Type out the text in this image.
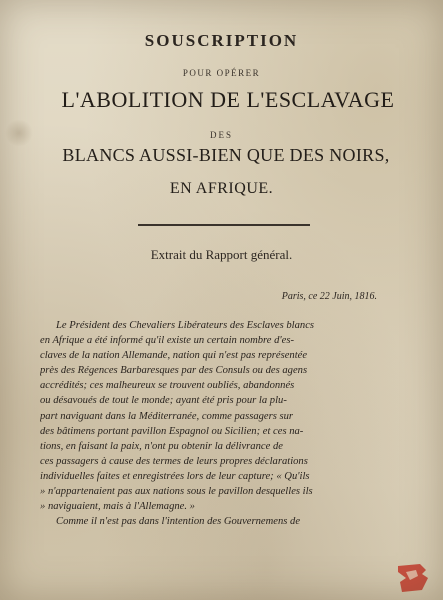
SOUSCRIPTION
POUR OPÉRER
L'ABOLITION DE L'ESCLAVAGE
DES
BLANCS AUSSI-BIEN QUE DES NOIRS,
EN AFRIQUE.
Extrait du Rapport général.
Paris, ce 22 Juin, 1816.
Le Président des Chevaliers Libérateurs des Esclaves blancs
en Afrique a été informé qu'il existe un certain nombre d'es-
claves de la nation Allemande, nation qui n'est pas représentée
près des Régences Barbaresques par des Consuls ou des agens
accrédités; ces malheureux se trouvent oubliés, abandonnés
ou désavoués de tout le monde; ayant été pris pour la plu-
part naviguant dans la Méditerranée, comme passagers sur
des bâtimens portant pavillon Espagnol ou Sicilien; et ces na-
tions, en faisant la paix, n'ont pu obtenir la délivrance de
ces passagers à cause des termes de leurs propres déclarations
individuelles faites et enregistrées lors de leur capture; « Qu'ils
» n'appartenaient pas aux nations sous le pavillon desquelles ils
» naviguaient, mais à l'Allemagne. »
Comme il n'est pas dans l'intention des Gouvernemens de
